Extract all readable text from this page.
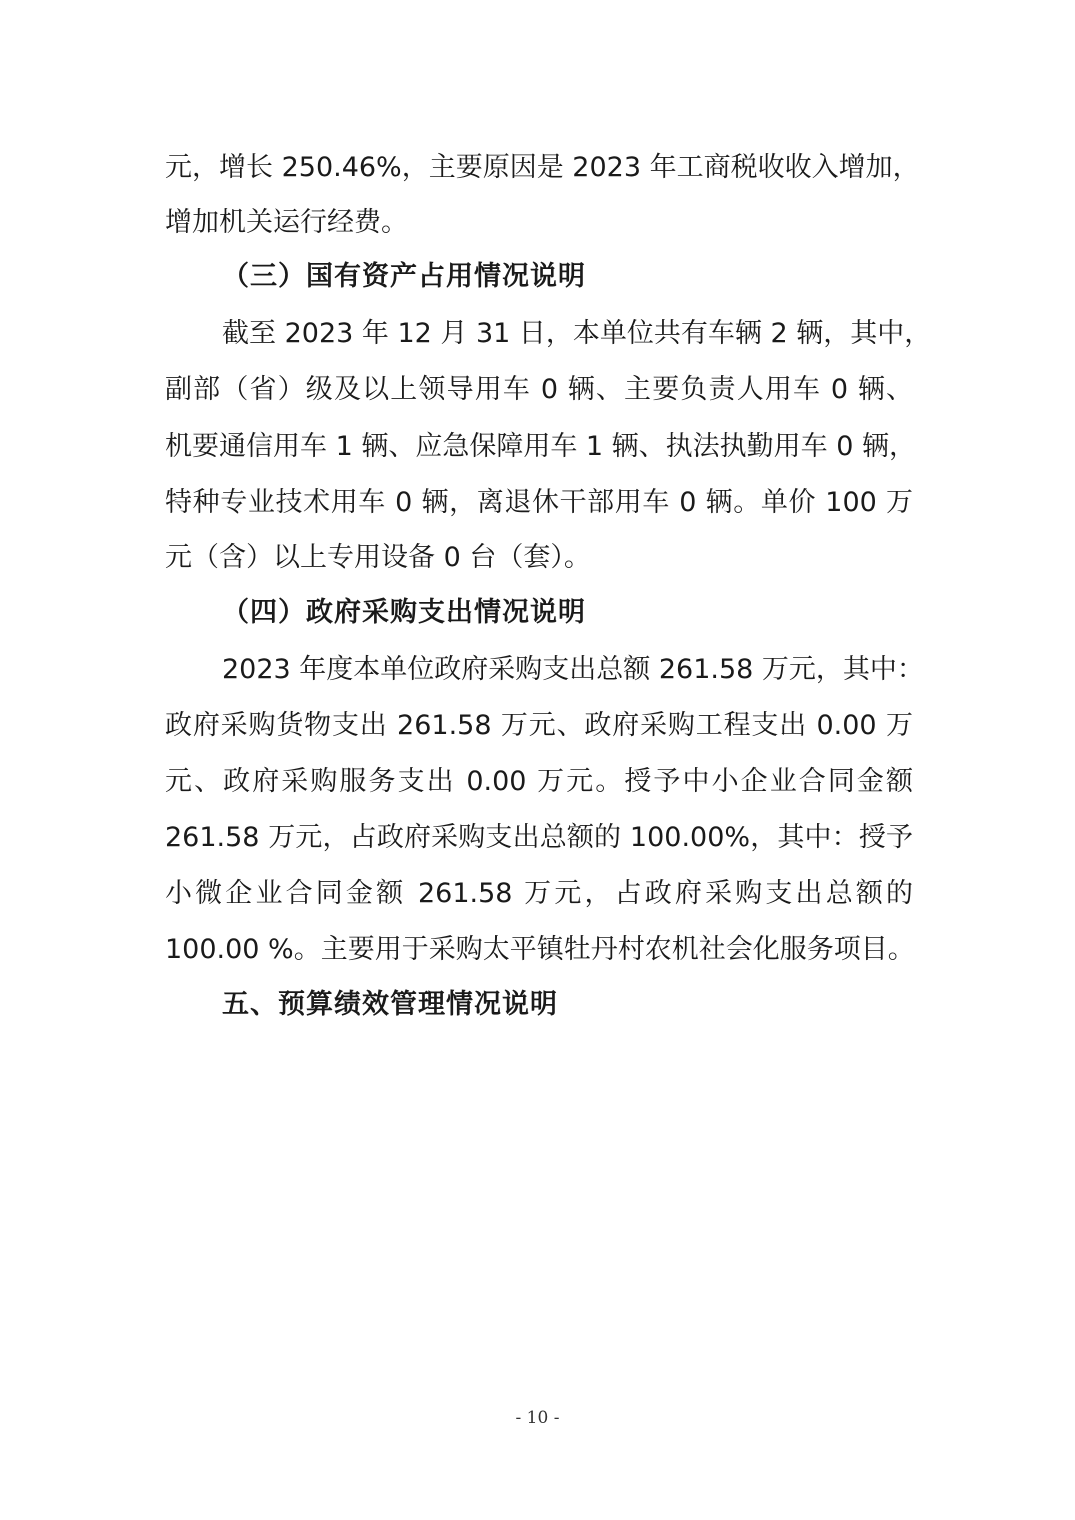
元，增长 250.46%，主要原因是 2023 年工商税收收入增加，
增加机关运行经费。
（三）国有资产占用情况说明
截至 2023 年 12 月 31 日，本单位共有车辆 2 辆，其中，
副部（省）级及以上领导用车 0 辆、主要负责人用车 0 辆、
机要通信用车 1 辆、应急保障用车 1 辆、执法执勤用车 0 辆，
特种专业技术用车 0 辆，离退休干部用车 0 辆。单价 100 万
元（含）以上专用设备 0 台（套）。
（四）政府采购支出情况说明
2023 年度本单位政府采购支出总额 261.58 万元，其中：
政府采购货物支出 261.58 万元、政府采购工程支出 0.00 万
元、政府采购服务支出 0.00 万元。授予中小企业合同金额
261.58 万元，占政府采购支出总额的 100.00%，其中：授予
小微企业合同金额 261.58 万元，占政府采购支出总额的
100.00 %。主要用于采购太平镇牡丹村农机社会化服务项目。
五、预算绩效管理情况说明
- 10 -
